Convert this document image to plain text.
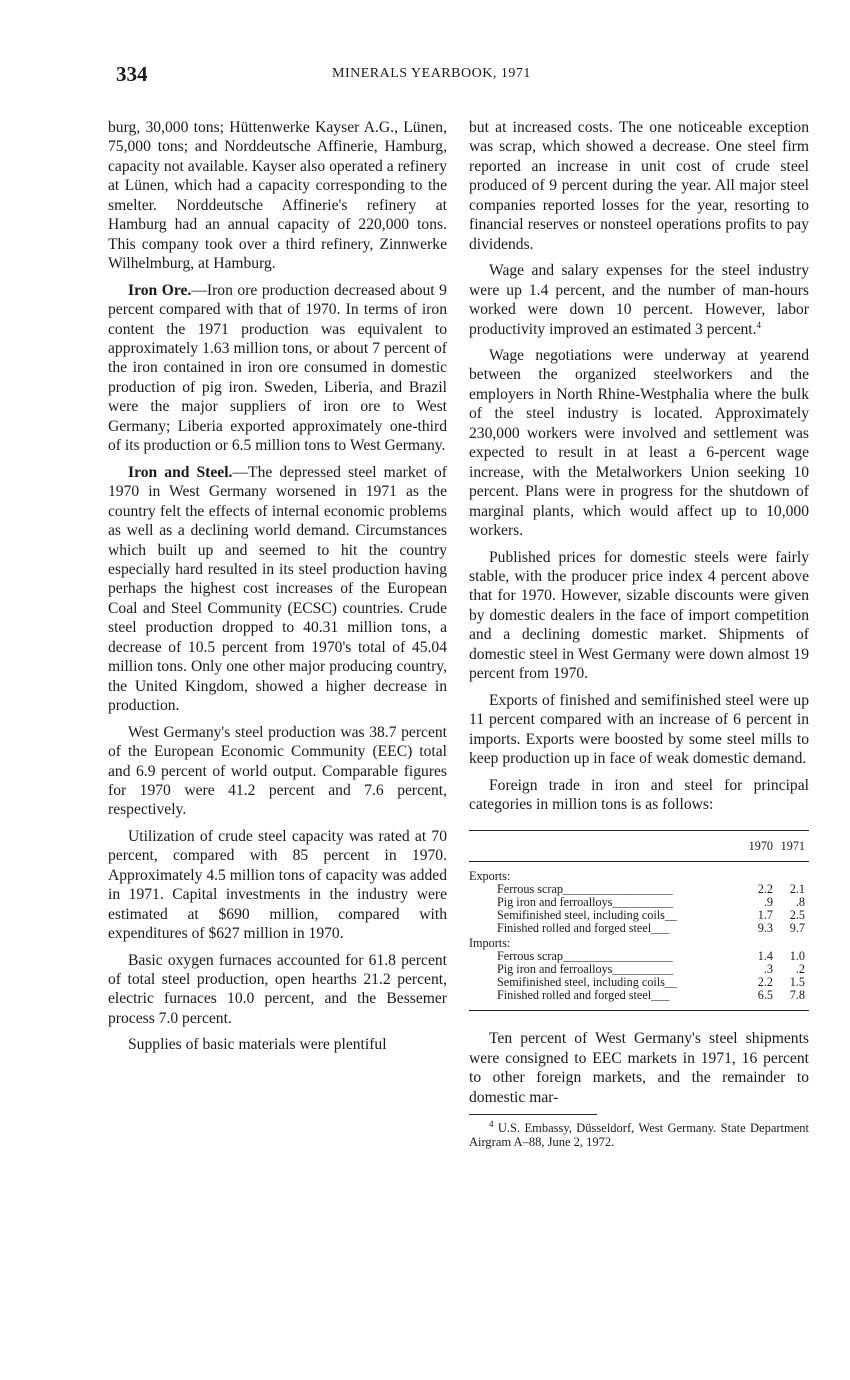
334	MINERALS YEARBOOK, 1971

burg, 30,000 tons; Hüttenwerke Kayser A.G., Lünen, 75,000 tons; and Norddeutsche Affinerie, Hamburg, capacity not available. Kayser also operated a refinery at Lünen, which had a capacity corresponding to the smelter. Norddeutsche Affinerie's refinery at Hamburg had an annual capacity of 220,000 tons. This company took over a third refinery, Zinnwerke Wilhelmburg, at Hamburg.

Iron Ore.—Iron ore production decreased about 9 percent compared with that of 1970. In terms of iron content the 1971 production was equivalent to approximately 1.63 million tons, or about 7 percent of the iron contained in iron ore consumed in domestic production of pig iron. Sweden, Liberia, and Brazil were the major suppliers of iron ore to West Germany; Liberia exported approximately one-third of its production or 6.5 million tons to West Germany.

Iron and Steel.—The depressed steel market of 1970 in West Germany worsened in 1971 as the country felt the effects of internal economic problems as well as a declining world demand. Circumstances which built up and seemed to hit the country especially hard resulted in its steel production having perhaps the highest cost increases of the European Coal and Steel Community (ECSC) countries. Crude steel production dropped to 40.31 million tons, a decrease of 10.5 percent from 1970's total of 45.04 million tons. Only one other major producing country, the United Kingdom, showed a higher decrease in production.

West Germany's steel production was 38.7 percent of the European Economic Community (EEC) total and 6.9 percent of world output. Comparable figures for 1970 were 41.2 percent and 7.6 percent, respectively.

Utilization of crude steel capacity was rated at 70 percent, compared with 85 percent in 1970. Approximately 4.5 million tons of capacity was added in 1971. Capital investments in the industry were estimated at $690 million, compared with expenditures of $627 million in 1970.

Basic oxygen furnaces accounted for 61.8 percent of total steel production, open hearths 21.2 percent, electric furnaces 10.0 percent, and the Bessemer process 7.0 percent.

Supplies of basic materials were plentiful

but at increased costs. The one noticeable exception was scrap, which showed a decrease. One steel firm reported an increase in unit cost of crude steel produced of 9 percent during the year. All major steel companies reported losses for the year, resorting to financial reserves or nonsteel operations profits to pay dividends.

Wage and salary expenses for the steel industry were up 1.4 percent, and the number of man-hours worked were down 10 percent. However, labor productivity improved an estimated 3 percent.$^4$

Wage negotiations were underway at yearend between the organized steelworkers and the employers in North Rhine-Westphalia where the bulk of the steel industry is located. Approximately 230,000 workers were involved and settlement was expected to result in at least a 6-percent wage increase, with the Metalworkers Union seeking 10 percent. Plans were in progress for the shutdown of marginal plants, which would affect up to 10,000 workers.

Published prices for domestic steels were fairly stable, with the producer price index 4 percent above that for 1970. However, sizable discounts were given by domestic dealers in the face of import competition and a declining domestic market. Shipments of domestic steel in West Germany were down almost 19 percent from 1970.

Exports of finished and semifinished steel were up 11 percent compared with an increase of 6 percent in imports. Exports were boosted by some steel mills to keep production up in face of weak domestic demand.

Foreign trade in iron and steel for principal categories in million tons is as follows:

	1970	1971
Exports:		
Ferrous scrap__________________	2.2	2.1
Pig iron and ferroalloys__________	.9	.8
Semifinished steel, including coils__	1.7	2.5
Finished rolled and forged steel___	9.3	9.7
Imports:		
Ferrous scrap__________________	1.4	1.0
Pig iron and ferroalloys__________	.3	.2
Semifinished steel, including coils__	2.2	1.5
Finished rolled and forged steel___	6.5	7.8

Ten percent of West Germany's steel shipments were consigned to EEC markets in 1971, 16 percent to other foreign markets, and the remainder to domestic mar-

$^4$ U.S. Embassy, Düsseldorf, West Germany. State Department Airgram A–88, June 2, 1972.
